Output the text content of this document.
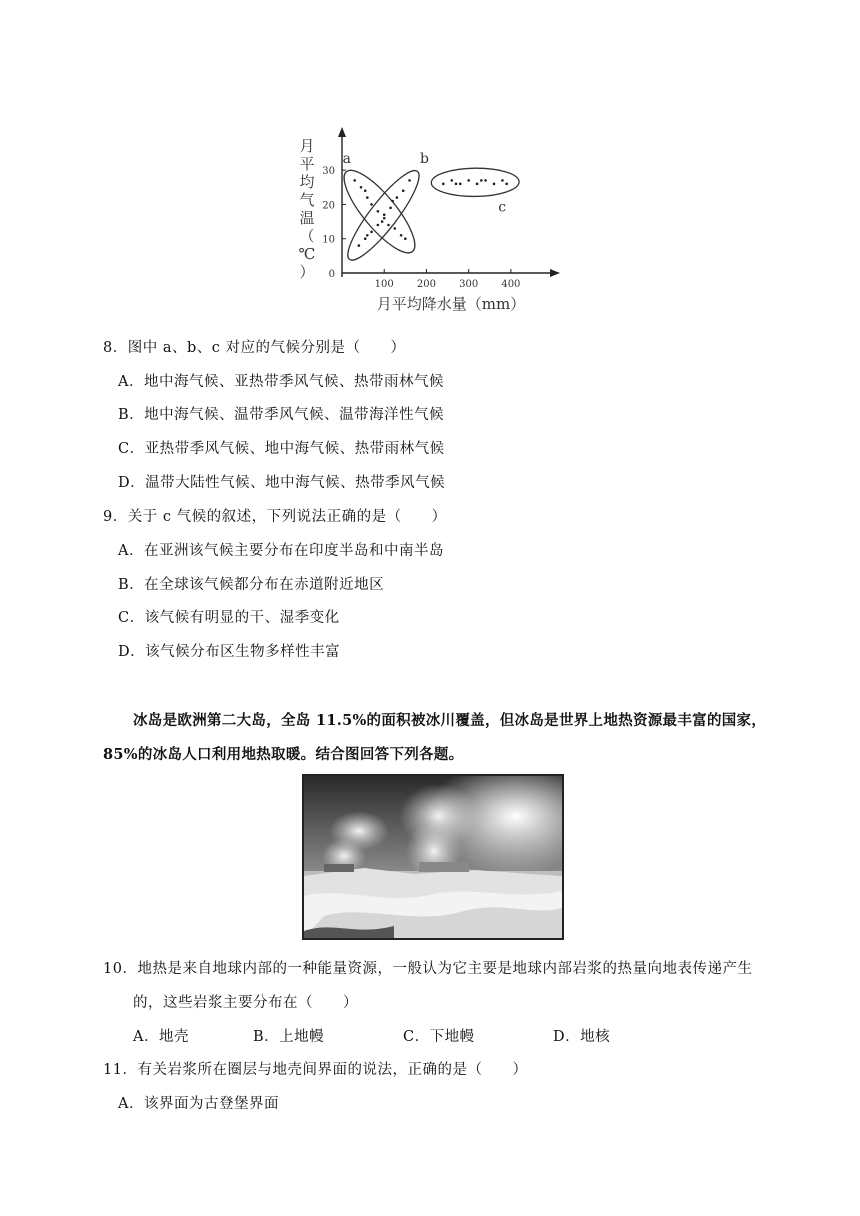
100 200 300 400
0
10
20
30
月
平
均
气
温
（
℃
）
月平均降水量（mm）
a	b
c
8．图中 a、b、c 对应的气候分别是（　　）
A．地中海气候、亚热带季风气候、热带雨林气候
B．地中海气候、温带季风气候、温带海洋性气候
C．亚热带季风气候、地中海气候、热带雨林气候
D．温带大陆性气候、地中海气候、热带季风气候
9．关于 c 气候的叙述，下列说法正确的是（　　）
A．在亚洲该气候主要分布在印度半岛和中南半岛
B．在全球该气候都分布在赤道附近地区
C．该气候有明显的干、湿季变化
D．该气候分布区生物多样性丰富
冰岛是欧洲第二大岛，全岛 11.5%的面积被冰川覆盖，但冰岛是世界上地热资源最丰富的国家，
85%的冰岛人口利用地热取暖。结合图回答下列各题。
10．地热是来自地球内部的一种能量资源，一般认为它主要是地球内部岩浆的热量向地表传递产生
的，这些岩浆主要分布在（　　）
A．地壳	B．上地幔	C．下地幔	D．地核
11．有关岩浆所在圈层与地壳间界面的说法，正确的是（　　）
A．该界面为古登堡界面
